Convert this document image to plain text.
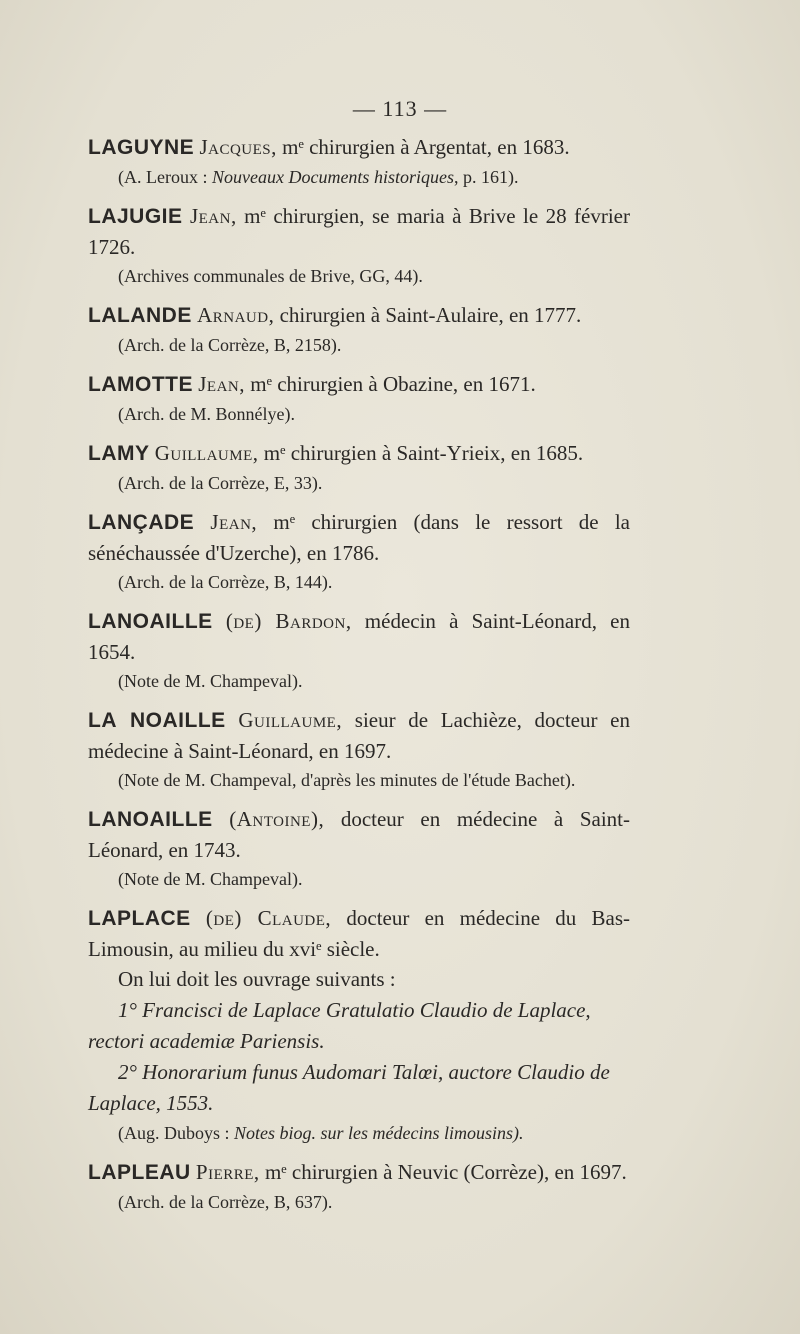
— 113 —
LAGUYNE Jacques, mᵉ chirurgien à Argentat, en 1683.
(A. Leroux : Nouveaux Documents historiques, p. 161).
LAJUGIE Jean, mᵉ chirurgien, se maria à Brive le 28 février 1726.
(Archives communales de Brive, GG, 44).
LALANDE Arnaud, chirurgien à Saint-Aulaire, en 1777.
(Arch. de la Corrèze, B, 2158).
LAMOTTE Jean, mᵉ chirurgien à Obazine, en 1671.
(Arch. de M. Bonnélye).
LAMY Guillaume, mᵉ chirurgien à Saint-Yrieix, en 1685.
(Arch. de la Corrèze, E, 33).
LANÇADE Jean, mᵉ chirurgien (dans le ressort de la sénéchaussée d'Uzerche), en 1786.
(Arch. de la Corrèze, B, 144).
LANOAILLE (de) Bardon, médecin à Saint-Léonard, en 1654.
(Note de M. Champeval).
LA NOAILLE Guillaume, sieur de Lachièze, docteur en médecine à Saint-Léonard, en 1697.
(Note de M. Champeval, d'après les minutes de l'étude Bachet).
LANOAILLE (Antoine), docteur en médecine à Saint-Léonard, en 1743.
(Note de M. Champeval).
LAPLACE (de) Claude, docteur en médecine du Bas-Limousin, au milieu du xviᵉ siècle.
On lui doit les ouvrage suivants :
1° Francisci de Laplace Gratulatio Claudio de Laplace, rectori academiæ Pariensis.
2° Honorarium funus Audomari Talœi, auctore Claudio de Laplace, 1553.
(Aug. Duboys : Notes biog. sur les médecins limousins).
LAPLEAU Pierre, mᵉ chirurgien à Neuvic (Corrèze), en 1697.
(Arch. de la Corrèze, B, 637).
